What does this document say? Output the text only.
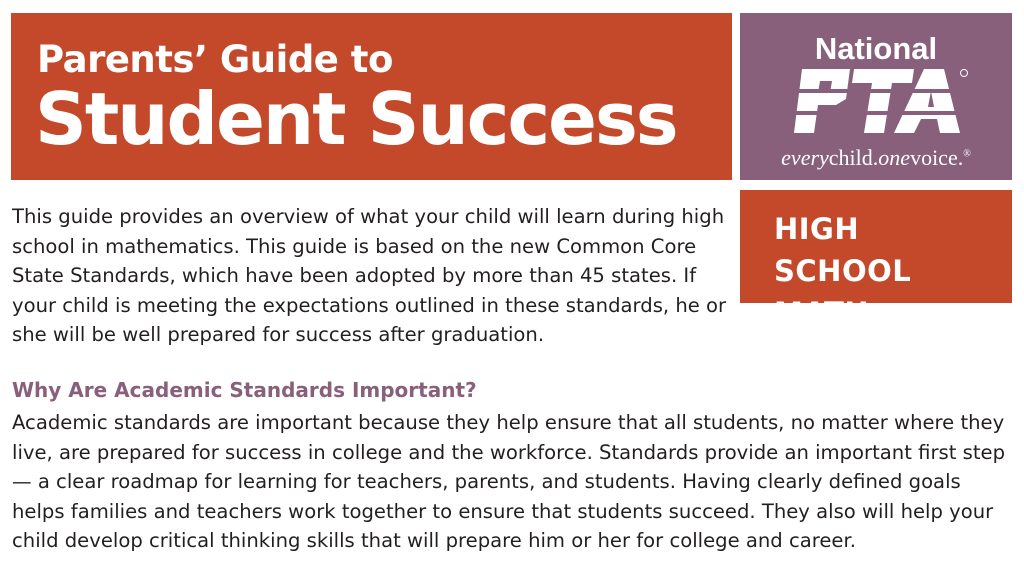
Parents’ Guide to
Student Success
National
everychild.onevoice.®
HIGH SCHOOL MATH

This guide provides an overview of what your child will learn during high school in mathematics. This guide is based on the new Common Core State Standards, which have been adopted by more than 45 states. If your child is meeting the expectations outlined in these standards, he or she will be well prepared for success after graduation.

Why Are Academic Standards Important?

Academic standards are important because they help ensure that all students, no matter where they live, are prepared for success in college and the workforce. Standards provide an important first step — a clear roadmap for learning for teachers, parents, and students. Having clearly defined goals helps families and teachers work together to ensure that students succeed. They also will help your child develop critical thinking skills that will prepare him or her for college and career.
